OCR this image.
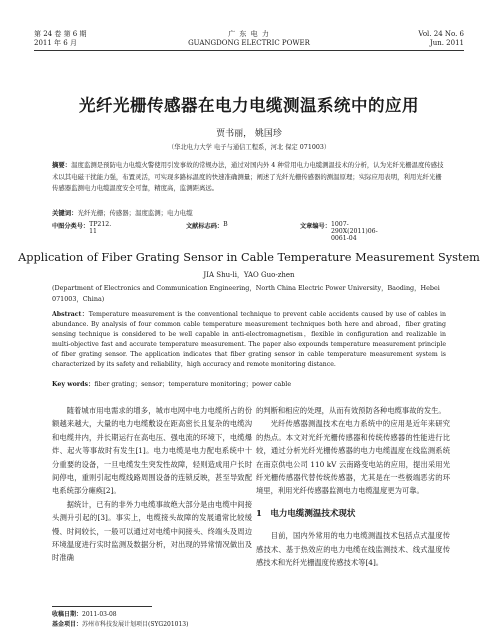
第 24 卷 第 6 期
2011 年 6 月
广 东 电 力
GUANGDONG ELECTRIC POWER
Vol. 24 No. 6
Jun. 2011
光纤光栅传感器在电力电缆测温系统中的应用
贾书丽， 姚国珍
（华北电力大学 电子与通信工程系，河北 保定 071003）
摘要：温度监测是预防电力电缆火警使用引发事故的常规办法，通过对国内外 4 种常用电力电缆测温技术的分析，认为光纤光栅温度传感技术以其电磁干扰能力强，布置灵活，可实现多路标温度的快速准确测量；阐述了光纤光栅传感器的测温原理；实际应用表明，利用光纤光栅传感器监测电力电缆温度安全可靠，精度高，监测距离远。
关键词：光纤光栅；传感器；温度监测；电力电缆
中图分类号： TP212. 11
文献标志码： B	文章编号： 1007-290X(2011)06-0061-04
Application of Fiber Grating Sensor in Cable Temperature Measurement System
JIA Shu-li，YAO Guo-zhen
(Department of Electronics and Communication Engineering，North China Electric Power University，Baoding，Hebei 071003，China)
Abstract：Temperature measurement is the conventional technique to prevent cable accidents caused by use of cables in abundance. By analysis of four common cable temperature measurement techniques both here and abroad，fiber grating sensing technique is considered to be well capable in anti-electromagnetism，flexible in configuration and realizable in multi-objective fast and accurate temperature measurement. The paper also expounds temperature measurement principle of fiber grating sensor. The application indicates that fiber grating sensor in cable temperature measurement system is characterized by its safety and reliability，high accuracy and remote monitoring distance.
Key words：fiber grating；sensor；temperature monitoring；power cable

随着城市用电需求的增多，城市电网中电力电缆所占的份额越来越大，大量的电力电缆敷设在距高密长且复杂的电缆沟和电缆井内，并长期运行在高电压、强电流的环境下，电缆爆炸、起火等事故时有发生[1]。电力电缆是电力配电系统中十分重要的设备，一旦电缆发生突发性故障，轻则造成用户长时间停电，重则引起电缆线路周围设备的连锁反映，甚至导致配电系统部分瘫痪[2]。

据统计，已有的非外力电缆事故绝大部分是由电缆中间接头测升引起的[3]。事实上，电缆接头故障的发展通常比较缓慢、时间较长，一般可以通过对电缆中间接头、终端头及周边环境温度进行实时监测及数据分析，对出现的异常情况做出及时准确

的判断和相应的处理，从而有效预防各种电缆事故的发生。

光纤传感器测温技术在电力系统中的应用是近年来研究的热点。本文对光纤光栅传感器和传统传感器的性能进行比较，通过分析光纤光栅传感器的电力电缆温度在线监测系统在南京供电公司 110 kV 云南路变电站的应用，提出采用光纤光栅传感器代替传统传感器，尤其是在一些极端恶劣的环境里，利用光纤传感器监测电力电缆温度更为可靠。

1　电力电缆测温技术现状

目前，国内外常用的电力电缆测温技术包括点式温度传感技术、基于热效应的电力电缆在线监测技术、线式温度传感技术和光纤光栅温度传感技术等[4]。

收稿日期：2011-03-08
基金项目：苏州市科技发展计划项目(SYG201013)
